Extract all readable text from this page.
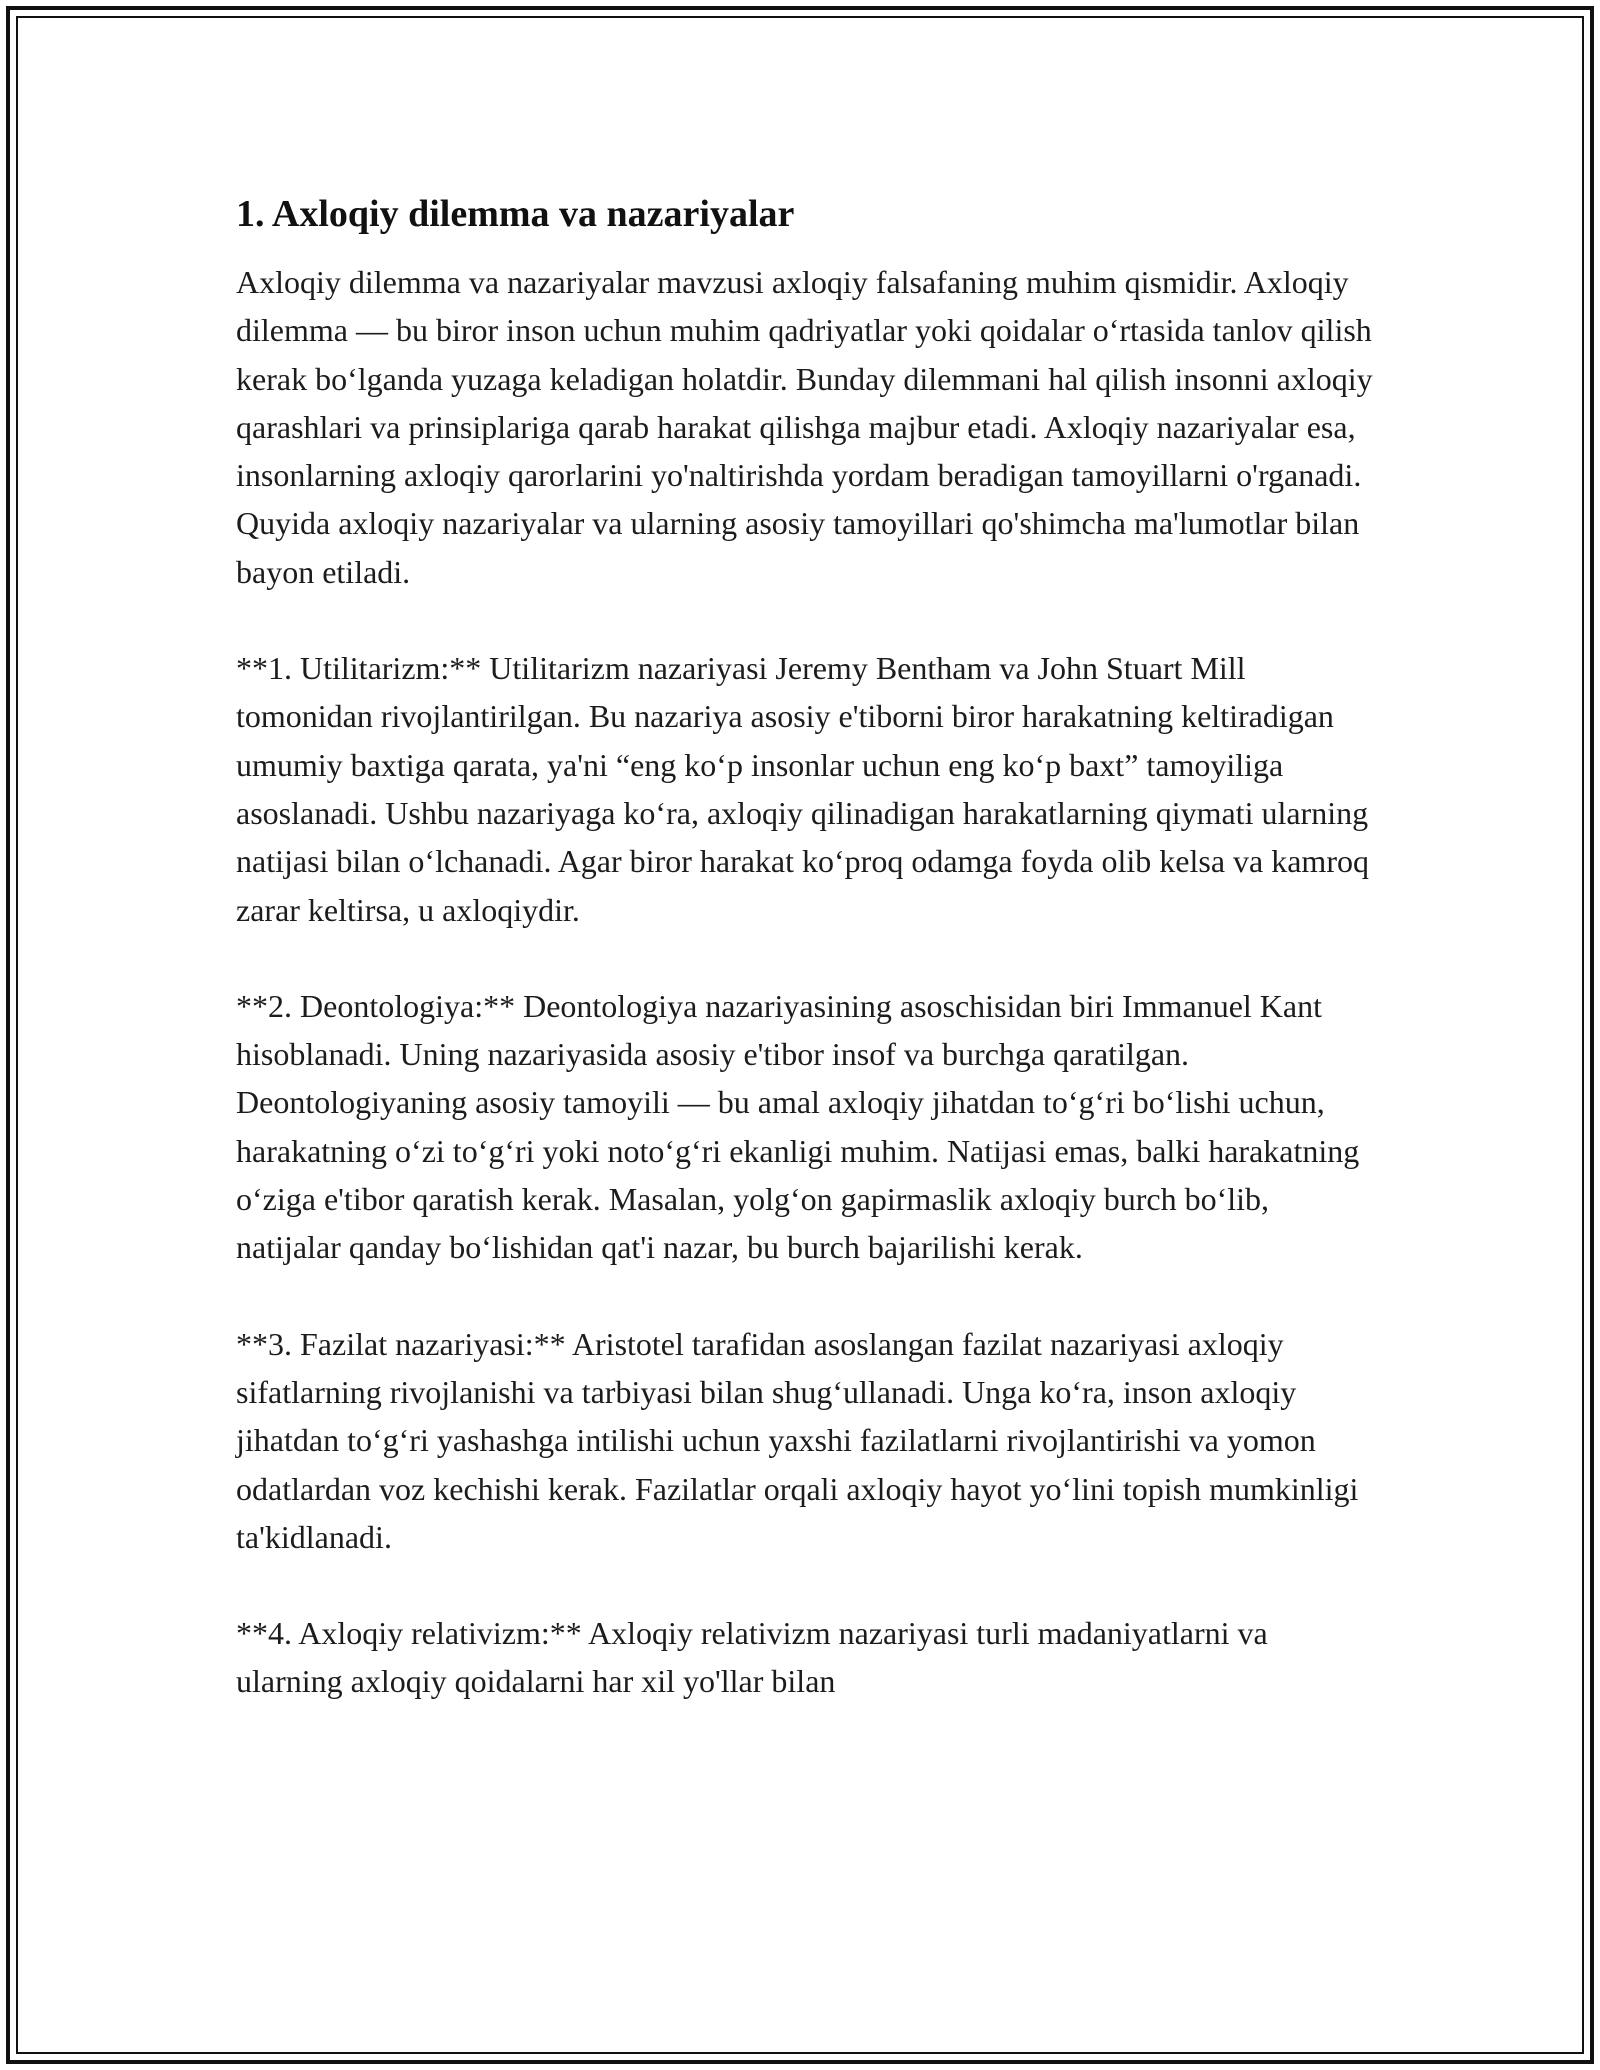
1. Axloqiy dilemma va nazariyalar

Axloqiy dilemma va nazariyalar mavzusi axloqiy falsafaning muhim qismidir. Axloqiy dilemma — bu biror inson uchun muhim qadriyatlar yoki qoidalar o‘rtasida tanlov qilish kerak bo‘lganda yuzaga keladigan holatdir. Bunday dilemmani hal qilish insonni axloqiy qarashlari va prinsiplariga qarab harakat qilishga majbur etadi. Axloqiy nazariyalar esa, insonlarning axloqiy qarorlarini yo'naltirishda yordam beradigan tamoyillarni o'rganadi. Quyida axloqiy nazariyalar va ularning asosiy tamoyillari qo'shimcha ma'lumotlar bilan bayon etiladi.

**1. Utilitarizm:** Utilitarizm nazariyasi Jeremy Bentham va John Stuart Mill tomonidan rivojlantirilgan. Bu nazariya asosiy e'tiborni biror harakatning keltiradigan umumiy baxtiga qarata, ya'ni “eng ko‘p insonlar uchun eng ko‘p baxt” tamoyiliga asoslanadi. Ushbu nazariyaga ko‘ra, axloqiy qilinadigan harakatlarning qiymati ularning natijasi bilan o‘lchanadi. Agar biror harakat ko‘proq odamga foyda olib kelsa va kamroq zarar keltirsa, u axloqiydir.

**2. Deontologiya:** Deontologiya nazariyasining asoschisidan biri Immanuel Kant hisoblanadi. Uning nazariyasida asosiy e'tibor insof va burchga qaratilgan. Deontologiyaning asosiy tamoyili — bu amal axloqiy jihatdan to‘g‘ri bo‘lishi uchun, harakatning o‘zi to‘g‘ri yoki noto‘g‘ri ekanligi muhim. Natijasi emas, balki harakatning o‘ziga e'tibor qaratish kerak. Masalan, yolg‘on gapirmaslik axloqiy burch bo‘lib, natijalar qanday bo‘lishidan qat'i nazar, bu burch bajarilishi kerak.

**3. Fazilat nazariyasi:** Aristotel tarafidan asoslangan fazilat nazariyasi axloqiy sifatlarning rivojlanishi va tarbiyasi bilan shug‘ullanadi. Unga ko‘ra, inson axloqiy jihatdan to‘g‘ri yashashga intilishi uchun yaxshi fazilatlarni rivojlantirishi va yomon odatlardan voz kechishi kerak. Fazilatlar orqali axloqiy hayot yo‘lini topish mumkinligi ta'kidlanadi.

**4. Axloqiy relativizm:** Axloqiy relativizm nazariyasi turli madaniyatlarni va ularning axloqiy qoidalarni har xil yo'llar bilan
